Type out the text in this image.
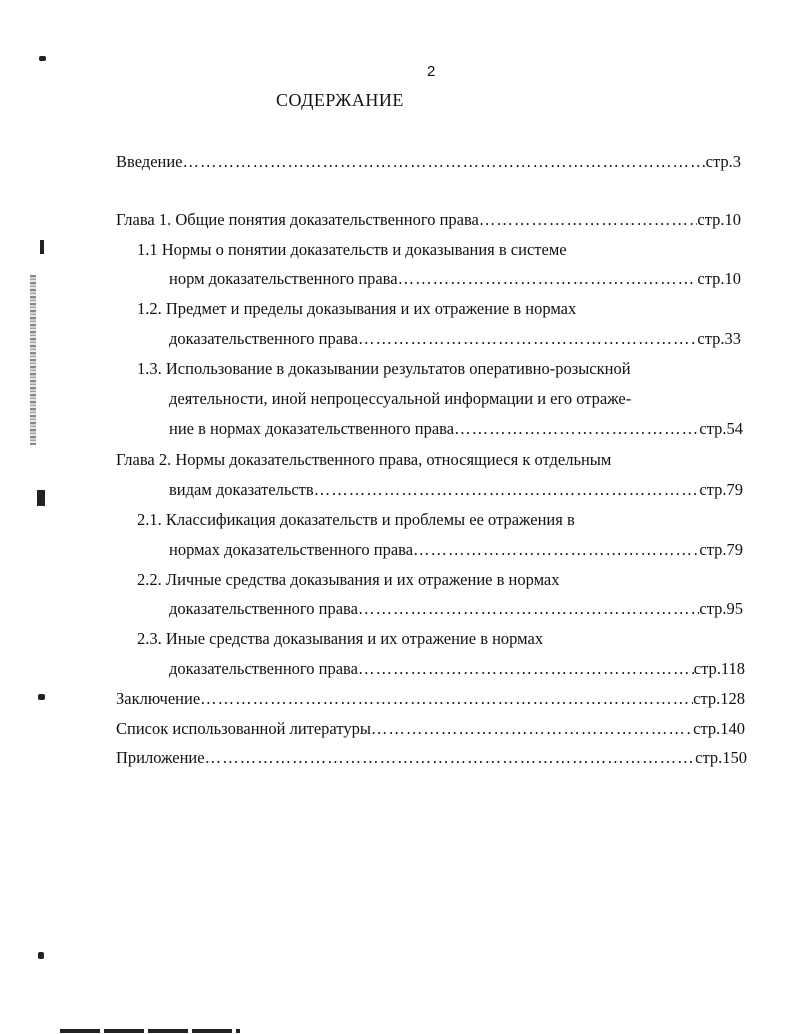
2
СОДЕРЖАНИЕ
Введение ……………………………………………………………………………………………………………………………………………………………	стр.3
Глава 1. Общие понятия доказательственного права ……………………………………………………………………………………………………………………………………………………………	стр.10
1.1 Нормы о понятии доказательств и доказывания в системе
норм доказательственного права ……………………………………………………………………………………………………………………………………………………………	стр.10
1.2. Предмет и пределы доказывания и их отражение в нормах
доказательственного права ……………………………………………………………………………………………………………………………………………………………	стр.33
1.3. Использование в доказывании результатов оперативно-розыскной
деятельности, иной непроцессуальной информации и его отраже-
ние в нормах доказательственного права ……………………………………………………………………………………………………………………………………………………………	стр.54
Глава 2. Нормы доказательственного права, относящиеся к отдельным
видам доказательств ……………………………………………………………………………………………………………………………………………………………	стр.79
2.1. Классификация доказательств и проблемы ее отражения в
нормах доказательственного права ……………………………………………………………………………………………………………………………………………………………	стр.79
2.2. Личные средства доказывания и их отражение в нормах
доказательственного права ……………………………………………………………………………………………………………………………………………………………	стр.95
2.3. Иные средства доказывания и их отражение в нормах
доказательственного права ……………………………………………………………………………………………………………………………………………………………	стр.118
Заключение ……………………………………………………………………………………………………………………………………………………………	стр.128
Список использованной литературы ……………………………………………………………………………………………………………………………………………………………	стр.140
Приложение ……………………………………………………………………………………………………………………………………………………………	стр.150
